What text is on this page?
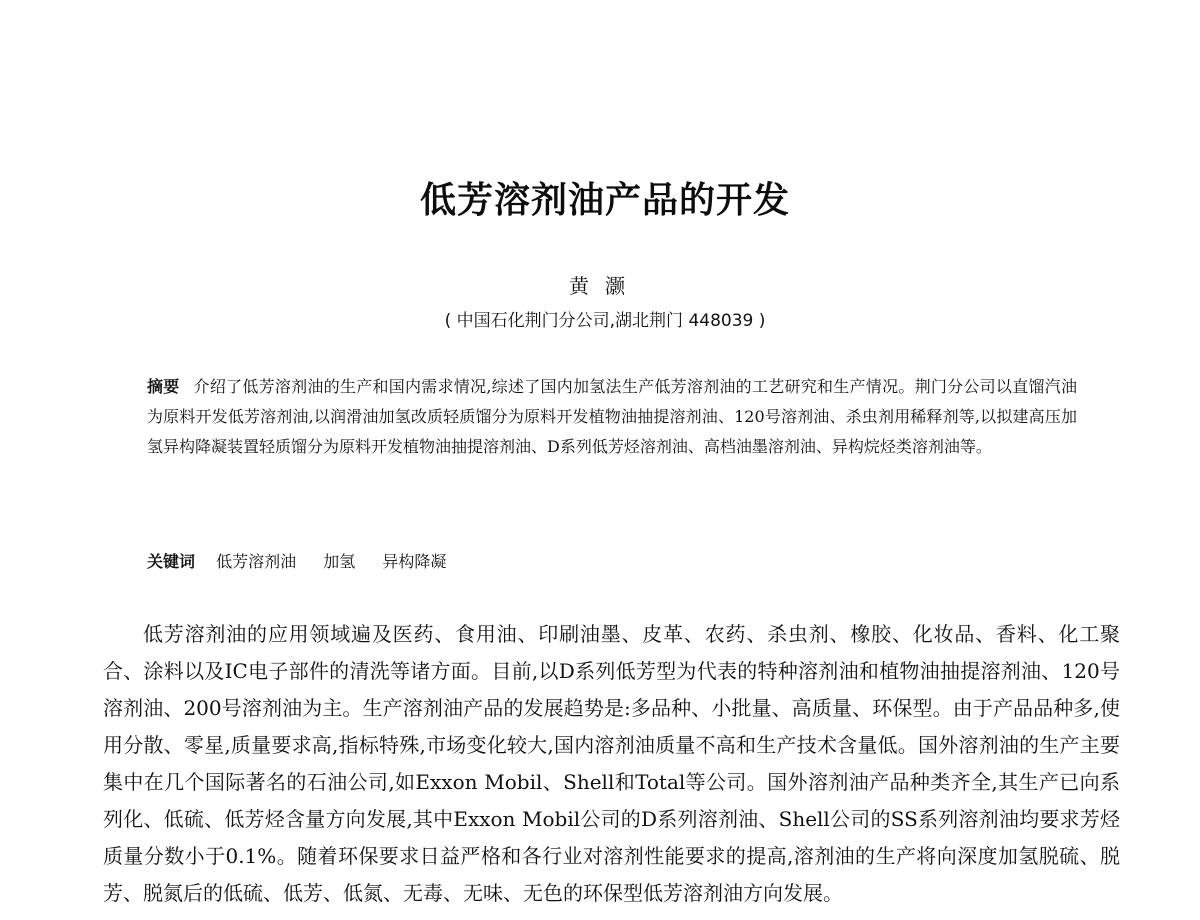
低芳溶剂油产品的开发
黄灏
( 中国石化荆门分公司,湖北荆门 448039 )
摘要 介绍了低芳溶剂油的生产和国内需求情况,综述了国内加氢法生产低芳溶剂油的工艺研究和生产情况。荆门分公司以直馏汽油为原料开发低芳溶剂油,以润滑油加氢改质轻质馏分为原料开发植物油抽提溶剂油、120号溶剂油、杀虫剂用稀释剂等,以拟建高压加氢异构降凝装置轻质馏分为原料开发植物油抽提溶剂油、D系列低芳烃溶剂油、高档油墨溶剂油、异构烷烃类溶剂油等。
关键词 低芳溶剂油 加氢 异构降凝
低芳溶剂油的应用领域遍及医药、食用油、印刷油墨、皮革、农药、杀虫剂、橡胶、化妆品、香料、化工聚合、涂料以及IC电子部件的清洗等诸方面。目前,以D系列低芳型为代表的特种溶剂油和植物油抽提溶剂油、120号溶剂油、200号溶剂油为主。生产溶剂油产品的发展趋势是:多品种、小批量、高质量、环保型。由于产品品种多,使用分散、零星,质量要求高,指标特殊,市场变化较大,国内溶剂油质量不高和生产技术含量低。国外溶剂油的生产主要集中在几个国际著名的石油公司,如Exxon Mobil、Shell和Total等公司。国外溶剂油产品种类齐全,其生产已向系列化、低硫、低芳烃含量方向发展,其中Exxon Mobil公司的D系列溶剂油、Shell公司的SS系列溶剂油均要求芳烃质量分数小于0.1%。随着环保要求日益严格和各行业对溶剂性能要求的提高,溶剂油的生产将向深度加氢脱硫、脱芳、脱氮后的低硫、低芳、低氮、无毒、无味、无色的环保型低芳溶剂油方向发展。
